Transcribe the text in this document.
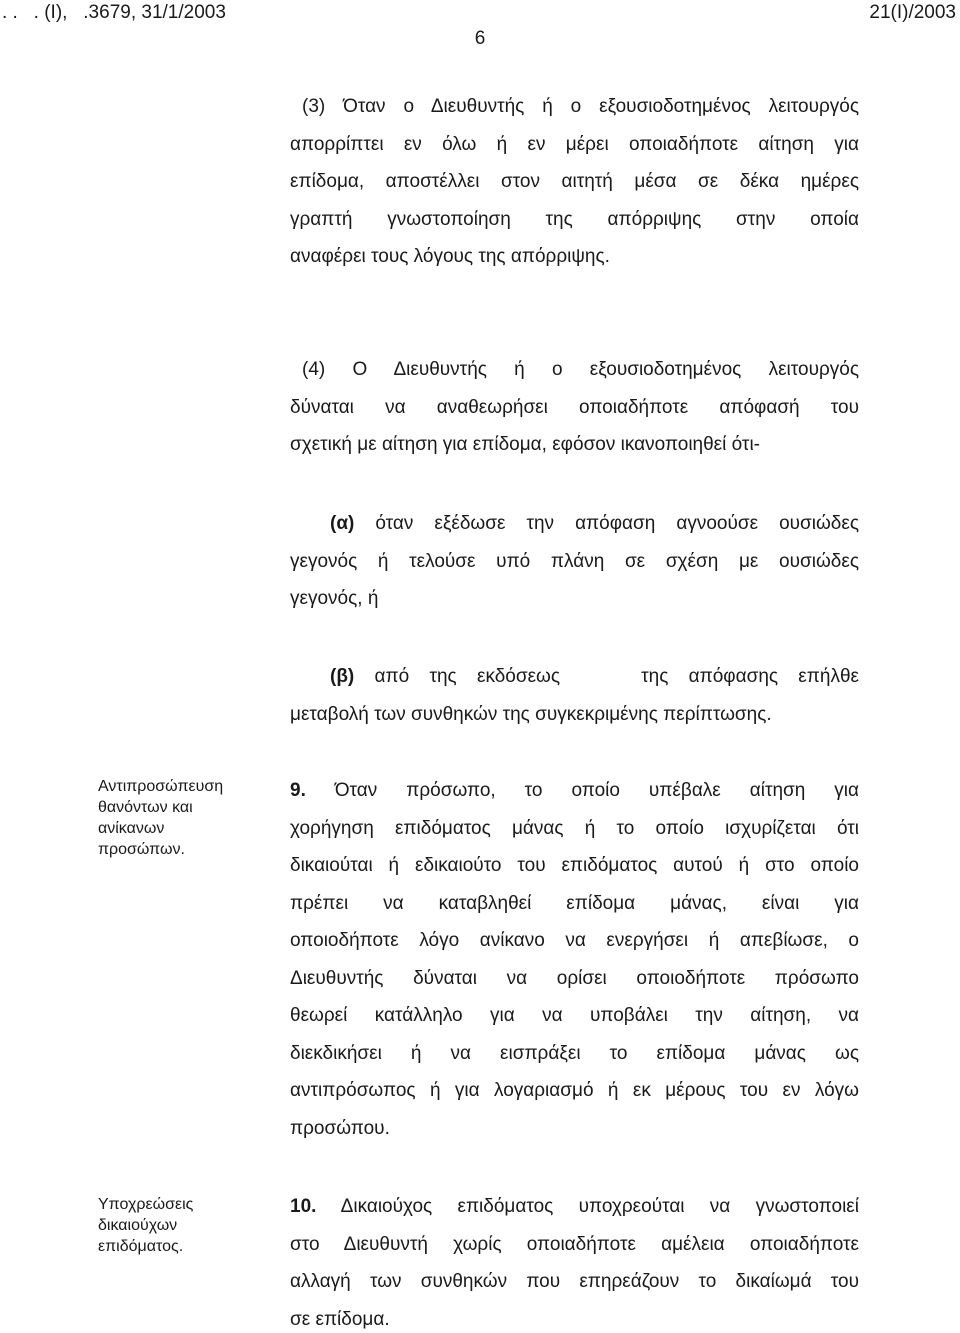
. .   . (Ι),   .3679, 31/1/2003	21(Ι)/2003
6
(3) Όταν ο Διευθυντής ή ο εξουσιοδοτημένος λειτουργός
απορρίπτει εν όλω ή εν μέρει οποιαδήποτε αίτηση για
επίδομα, αποστέλλει στον αιτητή μέσα σε δέκα ημέρες
γραπτή γνωστοποίηση της απόρριψης στην οποία
αναφέρει τους λόγους της απόρριψης.
(4) Ο Διευθυντής ή ο εξουσιοδοτημένος λειτουργός
δύναται να αναθεωρήσει οποιαδήποτε απόφασή του
σχετική με αίτηση για επίδομα, εφόσον ικανοποιηθεί ότι-
(α) όταν εξέδωσε την απόφαση αγνοούσε ουσιώδες
γεγονός ή τελούσε υπό πλάνη σε σχέση με ουσιώδες
γεγονός, ή
(β) από της εκδόσεως    της απόφασης επήλθε
μεταβολή των συνθηκών της συγκεκριμένης περίπτωσης.
Αντιπροσώπευση
θανόντων και
ανίκανων
προσώπων.
9. Όταν πρόσωπο, το οποίο υπέβαλε αίτηση για
χορήγηση επιδόματος μάνας ή το οποίο ισχυρίζεται ότι
δικαιούται ή εδικαιούτο του επιδόματος αυτού ή στο οποίο
πρέπει να καταβληθεί επίδομα μάνας, είναι για
οποιοδήποτε λόγο ανίκανο να ενεργήσει ή απεβίωσε, ο
Διευθυντής δύναται να ορίσει οποιοδήποτε πρόσωπο
θεωρεί κατάλληλο για να υποβάλει την αίτηση, να
διεκδικήσει ή να εισπράξει το επίδομα μάνας ως
αντιπρόσωπος ή για λογαριασμό ή εκ μέρους του εν λόγω
προσώπου.
Υποχρεώσεις
δικαιούχων
επιδόματος.
10. Δικαιούχος επιδόματος υποχρεούται να γνωστοποιεί
στο Διευθυντή χωρίς οποιαδήποτε αμέλεια οποιαδήποτε
αλλαγή των συνθηκών που επηρεάζουν το δικαίωμά του
σε επίδομα.
